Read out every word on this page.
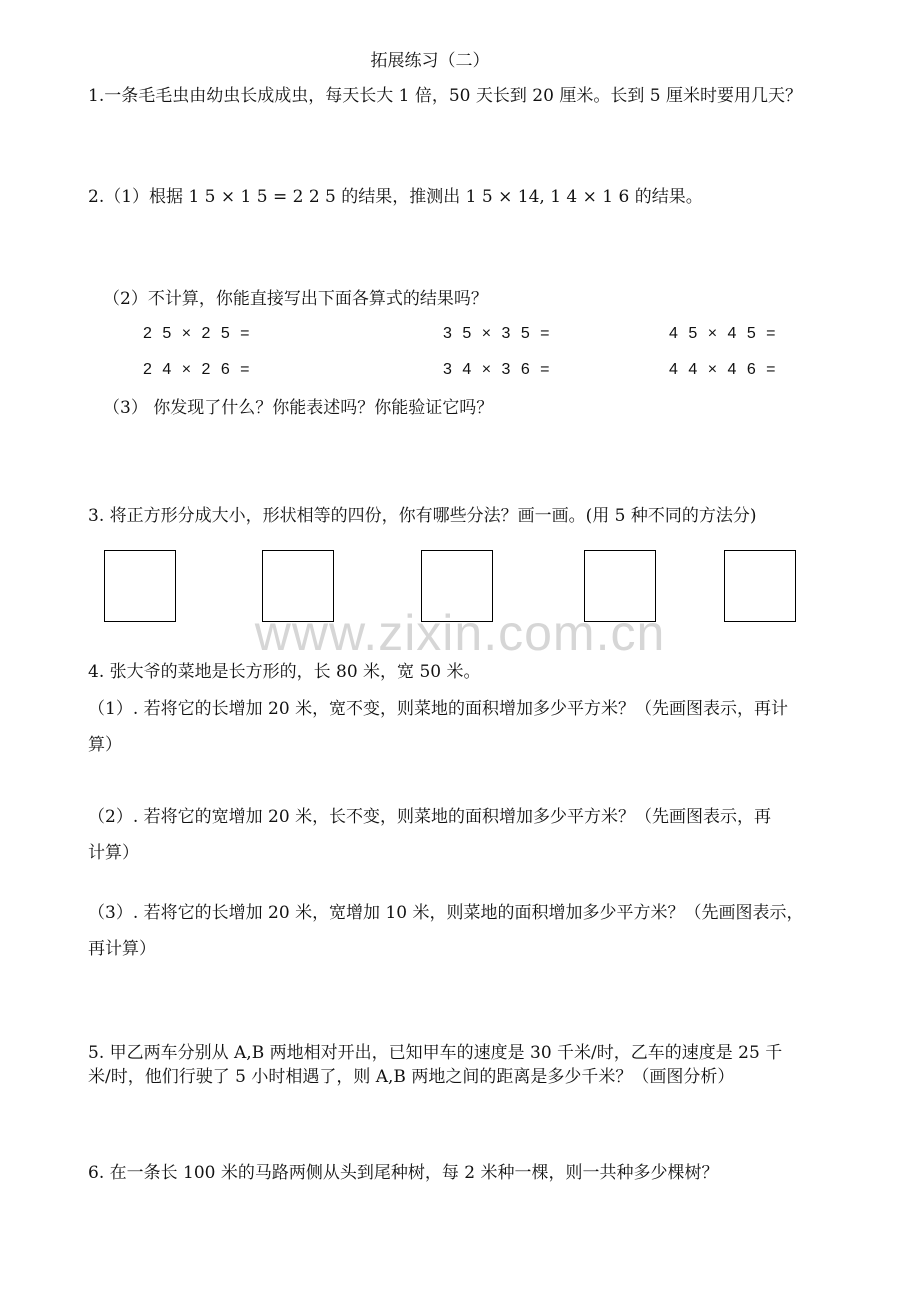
拓展练习（二）
1.一条毛毛虫由幼虫长成成虫，每天长大 1 倍，50 天长到 20 厘米。长到 5 厘米时要用几天？
2.（1）根据 1 5 × 1 5 = 2 2 5 的结果，推测出 1 5 × 14, 1 4 × 1 6 的结果。
（2）不计算，你能直接写出下面各算式的结果吗？
2 5 × 2 5 =	3 5 × 3 5 =	4 5 × 4 5 =
2 4 × 2 6 =	3 4 × 3 6 =	4 4 × 4 6 =
（3） 你发现了什么？你能表述吗？你能验证它吗？
3. 将正方形分成大小，形状相等的四份，你有哪些分法？画一画。(用 5 种不同的方法分)
www.zixin.com.cn
4. 张大爷的菜地是长方形的，长 80 米，宽 50 米。
（1）. 若将它的长增加 20 米，宽不变，则菜地的面积增加多少平方米？（先画图表示，再计
算）
（2）. 若将它的宽增加 20 米，长不变，则菜地的面积增加多少平方米？（先画图表示，再
计算）
（3）. 若将它的长增加 20 米，宽增加 10 米，则菜地的面积增加多少平方米？（先画图表示，
再计算）
5. 甲乙两车分别从 A,B 两地相对开出，已知甲车的速度是 30 千米/时，乙车的速度是 25 千
米/时，他们行驶了 5 小时相遇了，则 A,B 两地之间的距离是多少千米？（画图分析）
6. 在一条长 100 米的马路两侧从头到尾种树，每 2 米种一棵，则一共种多少棵树？
